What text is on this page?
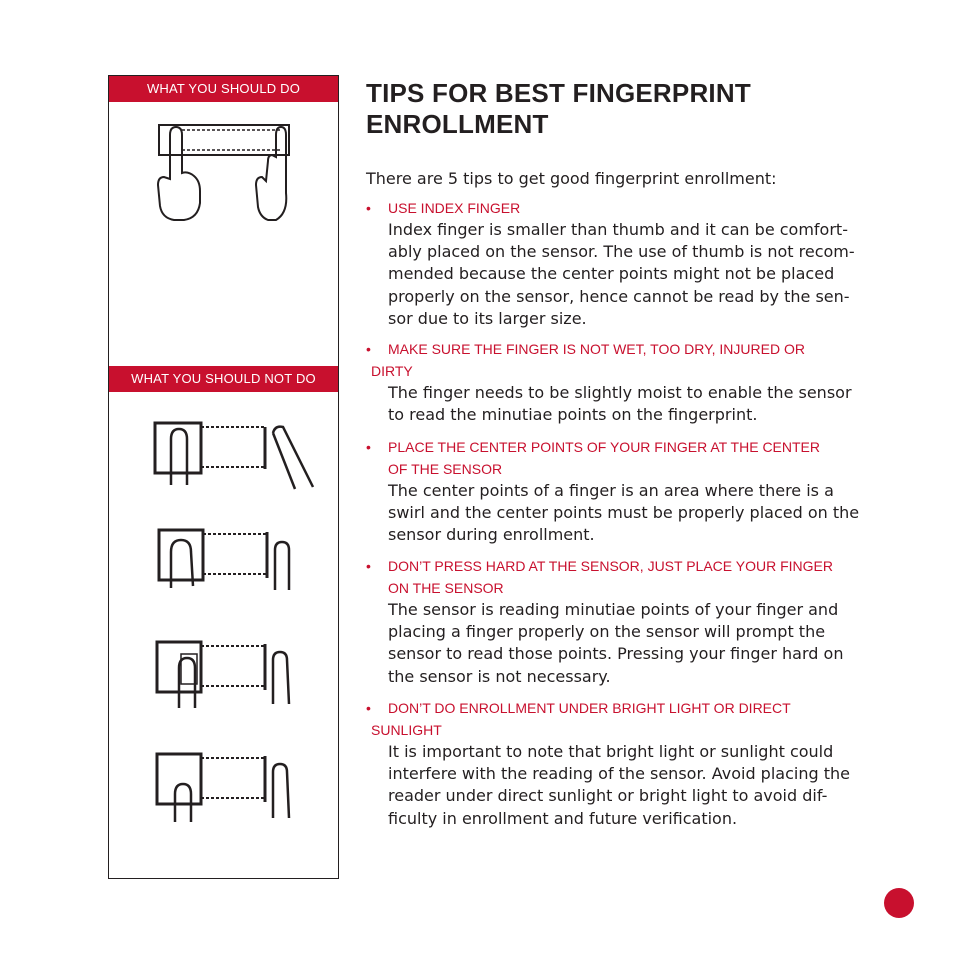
WHAT YOU SHOULD DO
WHAT YOU SHOULD NOT DO
TIPS FOR BEST FINGERPRINT
ENROLLMENT
There are 5 tips to get good fingerprint enrollment:
• USE INDEX FINGER
Index finger is smaller than thumb and it can be comfort-
ably placed on the sensor. The use of thumb is not recom-
mended because the center points might not be placed
properly on the sensor, hence cannot be read by the sen-
sor due to its larger size.
• MAKE SURE THE FINGER IS NOT WET, TOO DRY, INJURED OR
DIRTY
The finger needs to be slightly moist to enable the sensor
to read the minutiae points on the fingerprint.
• PLACE THE CENTER POINTS OF YOUR FINGER AT THE CENTER
OF THE SENSOR
The center points of a finger is an area where there is a
swirl and the center points must be properly placed on the
sensor during enrollment.
• DON’T PRESS HARD AT THE SENSOR, JUST PLACE YOUR FINGER
ON THE SENSOR
The sensor is reading minutiae points of your finger and
placing a finger properly on the sensor will prompt the
sensor to read those points. Pressing your finger hard on
the sensor is not necessary.
• DON’T DO ENROLLMENT UNDER BRIGHT LIGHT OR DIRECT
SUNLIGHT
It is important to note that bright light or sunlight could
interfere with the reading of the sensor. Avoid placing the
reader under direct sunlight or bright light to avoid dif-
ficulty in enrollment and future verification.
